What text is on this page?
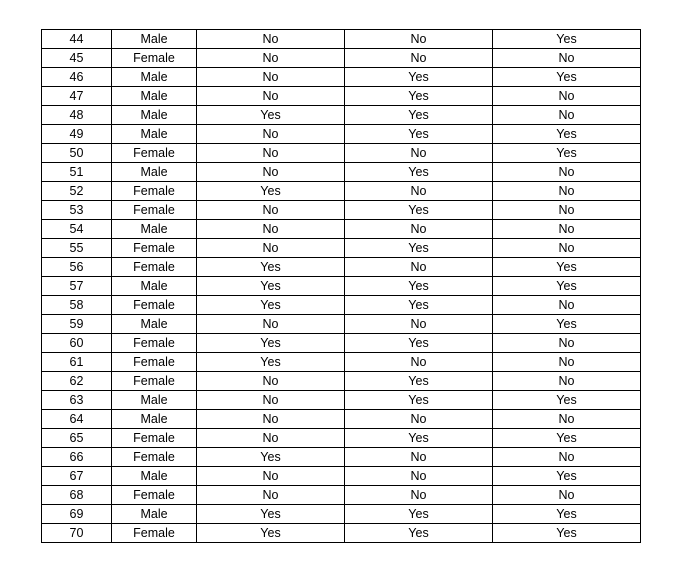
44	Male	No	No	Yes
45	Female	No	No	No
46	Male	No	Yes	Yes
47	Male	No	Yes	No
48	Male	Yes	Yes	No
49	Male	No	Yes	Yes
50	Female	No	No	Yes
51	Male	No	Yes	No
52	Female	Yes	No	No
53	Female	No	Yes	No
54	Male	No	No	No
55	Female	No	Yes	No
56	Female	Yes	No	Yes
57	Male	Yes	Yes	Yes
58	Female	Yes	Yes	No
59	Male	No	No	Yes
60	Female	Yes	Yes	No
61	Female	Yes	No	No
62	Female	No	Yes	No
63	Male	No	Yes	Yes
64	Male	No	No	No
65	Female	No	Yes	Yes
66	Female	Yes	No	No
67	Male	No	No	Yes
68	Female	No	No	No
69	Male	Yes	Yes	Yes
70	Female	Yes	Yes	Yes
